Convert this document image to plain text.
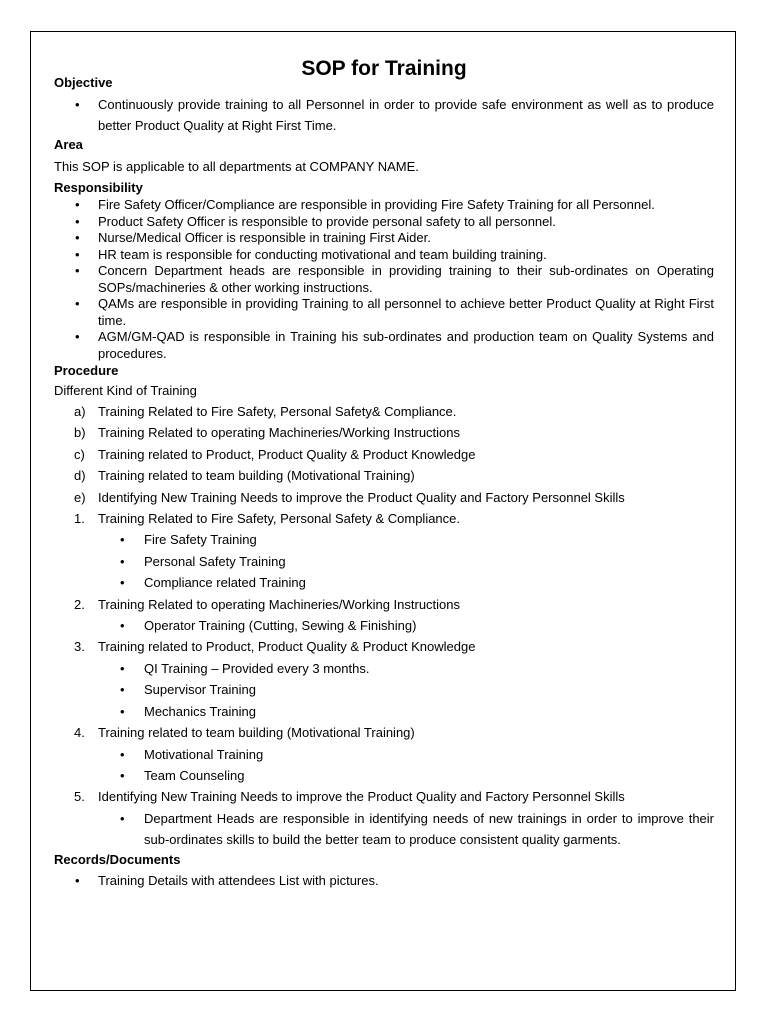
SOP for Training

Objective

• Continuously provide training to all Personnel in order to provide safe environment as well as to produce better Product Quality at Right First Time.

Area

This SOP is applicable to all departments at COMPANY NAME.

Responsibility

• Fire Safety Officer/Compliance are responsible in providing Fire Safety Training for all Personnel.
• Product Safety Officer is responsible to provide personal safety to all personnel.
• Nurse/Medical Officer is responsible in training First Aider.
• HR team is responsible for conducting motivational and team building training.
• Concern Department heads are responsible in providing training to their sub-ordinates on Operating SOPs/machineries & other working instructions.
• QAMs are responsible in providing Training to all personnel to achieve better Product Quality at Right First time.
• AGM/GM-QAD is responsible in Training his sub-ordinates and production team on Quality Systems and procedures.

Procedure

Different Kind of Training

a) Training Related to Fire Safety, Personal Safety& Compliance.
b) Training Related to operating Machineries/Working Instructions
c) Training related to Product, Product Quality & Product Knowledge
d) Training related to team building (Motivational Training)
e) Identifying New Training Needs to improve the Product Quality and Factory Personnel Skills
1. Training Related to Fire Safety, Personal Safety & Compliance.
• Fire Safety Training
• Personal Safety Training
• Compliance related Training
2. Training Related to operating Machineries/Working Instructions
• Operator Training (Cutting, Sewing & Finishing)
3. Training related to Product, Product Quality & Product Knowledge
• QI Training – Provided every 3 months.
• Supervisor Training
• Mechanics Training
4. Training related to team building (Motivational Training)
• Motivational Training
• Team Counseling
5. Identifying New Training Needs to improve the Product Quality and Factory Personnel Skills
• Department Heads are responsible in identifying needs of new trainings in order to improve their sub-ordinates skills to build the better team to produce consistent quality garments.

Records/Documents

• Training Details with attendees List with pictures.
